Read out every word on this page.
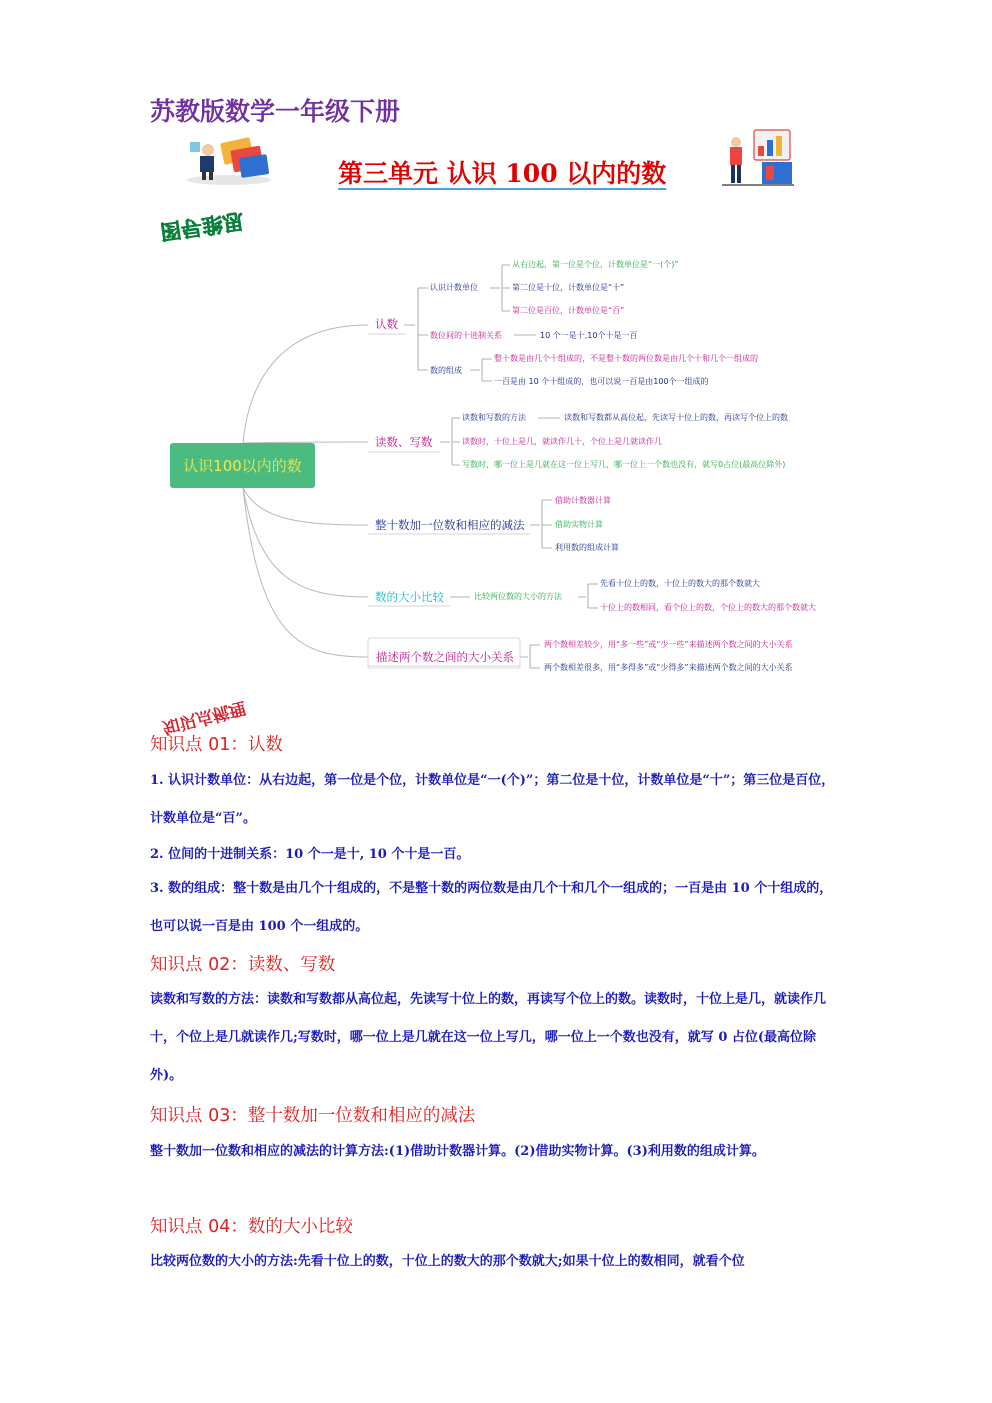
苏教版数学一年级下册
第三单元 认识 100 以内的数
思维导图
认识100以内的数
认数
认识计数单位
从右边起，第一位是个位，计数单位是“一(个)”
第二位是十位，计数单位是“十”
第二位是百位，计数单位是“百”
数位间的十进制关系	10 个一是十,10个十是一百
数的组成
整十数是由几个十组成的，不是整十数的两位数是由几个十和几个一组成的
一百是由 10 个十组成的，也可以说一百是由100个一组成的
读数、写数
读数和写数的方法	读数和写数都从高位起，先读写十位上的数，再读写个位上的数
读数时，十位上是几，就读作几十，个位上是几就读作几
写数时，哪一位上是几就在这一位上写几，哪一位上一个数也没有，就写0占位(最高位除外)
整十数加一位数和相应的减法
借助计数器计算
借助实物计算
利用数的组成计算
数的大小比较	比较两位数的大小的方法
先看十位上的数，十位上的数大的那个数就大
十位上的数相同，看个位上的数，个位上的数大的那个数就大
描述两个数之间的大小关系
两个数相差较少，用“多一些”或“少一些”来描述两个数之间的大小关系
两个数相差很多，用“多得多”或“少得多”来描述两个数之间的大小关系
知识点梳理
知识点 01：认数
1. 认识计数单位：从右边起，第一位是个位，计数单位是“一(个)”；第二位是十位，计数单位是“十”；第三位是百位，计数单位是“百”。
2. 位间的十进制关系：10 个一是十, 10 个十是一百。
3. 数的组成：整十数是由几个十组成的，不是整十数的两位数是由几个十和几个一组成的；一百是由 10 个十组成的，也可以说一百是由 100 个一组成的。
知识点 02：读数、写数
读数和写数的方法：读数和写数都从高位起，先读写十位上的数，再读写个位上的数。读数时，十位上是几，就读作几十，个位上是几就读作几;写数时，哪一位上是几就在这一位上写几，哪一位上一个数也没有，就写 0 占位(最高位除外)。
知识点 03：整十数加一位数和相应的减法
整十数加一位数和相应的减法的计算方法:(1)借助计数器计算。(2)借助实物计算。(3)利用数的组成计算。
知识点 04：数的大小比较
比较两位数的大小的方法:先看十位上的数，十位上的数大的那个数就大;如果十位上的数相同，就看个位
